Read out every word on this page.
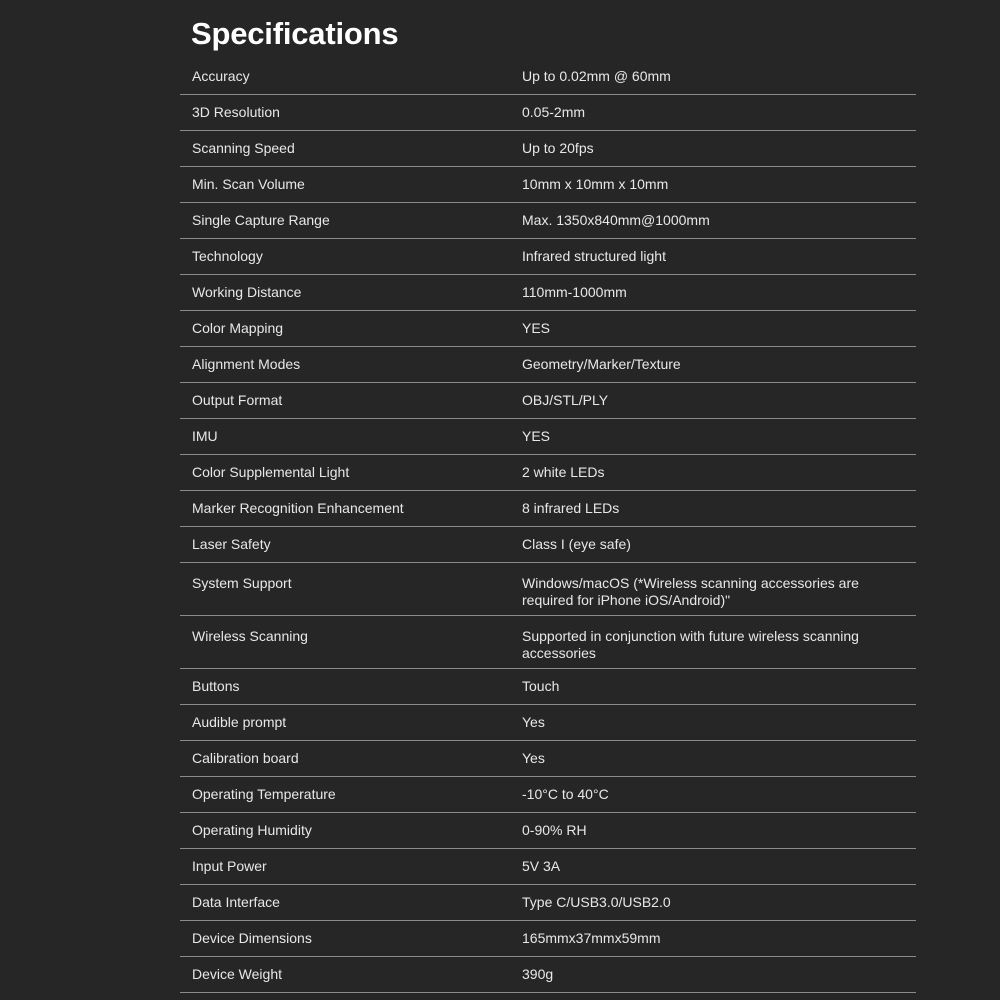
Specifications
Accuracy	Up to 0.02mm @ 60mm
3D Resolution	0.05-2mm
Scanning Speed	Up to 20fps
Min. Scan Volume	10mm x 10mm x 10mm
Single Capture Range	Max. 1350x840mm@1000mm
Technology	Infrared structured light
Working Distance	110mm-1000mm
Color Mapping	YES
Alignment Modes	Geometry/Marker/Texture
Output Format	OBJ/STL/PLY
IMU	YES
Color Supplemental Light	2 white LEDs
Marker Recognition Enhancement	8 infrared LEDs
Laser Safety	Class I (eye safe)
System Support	Windows/macOS (*Wireless scanning accessories are required for iPhone iOS/Android)"
Wireless Scanning	Supported in conjunction with future wireless scanning accessories
Buttons	Touch
Audible prompt	Yes
Calibration board	Yes
Operating Temperature	-10°C to 40°C
Operating Humidity	0-90% RH
Input Power	5V 3A
Data Interface	Type C/USB3.0/USB2.0
Device Dimensions	165mmx37mmx59mm
Device Weight	390g
